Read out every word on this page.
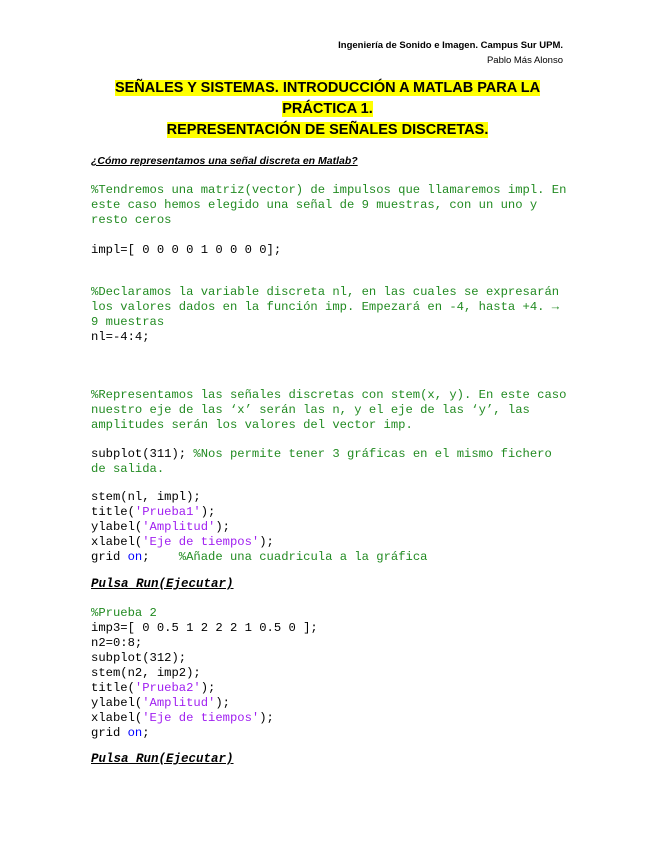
Ingeniería de Sonido e Imagen. Campus Sur UPM.
Pablo Más Alonso
SEÑALES Y SISTEMAS. INTRODUCCIÓN A MATLAB PARA LA
PRÁCTICA 1.
REPRESENTACIÓN DE SEÑALES DISCRETAS.
¿Cómo representamos una señal discreta en Matlab?
%Tendremos una matriz(vector) de impulsos que llamaremos impl. En este caso hemos elegido una señal de 9 muestras, con un uno y resto ceros
impl=[ 0 0 0 0 1 0 0 0 0];
%Declaramos la variable discreta nl, en las cuales se expresarán los valores dados en la función imp. Empezará en -4, hasta +4. → 9 muestras
nl=-4:4;
%Representamos las señales discretas con stem(x, y). En este caso nuestro eje de las ‘x’ serán las n, y el eje de las ‘y’, las amplitudes serán los valores del vector imp.
subplot(311); %Nos permite tener 3 gráficas en el mismo fichero de salida.
stem(nl, impl);
title('Prueba1');
ylabel('Amplitud');
xlabel('Eje de tiempos');
grid on;    %Añade una cuadricula a la gráfica
Pulsa Run(Ejecutar)
%Prueba 2
imp3=[ 0 0.5 1 2 2 2 1 0.5 0 ];
n2=0:8;
subplot(312);
stem(n2, imp2);
title('Prueba2');
ylabel('Amplitud');
xlabel('Eje de tiempos');
grid on;
Pulsa Run(Ejecutar)
